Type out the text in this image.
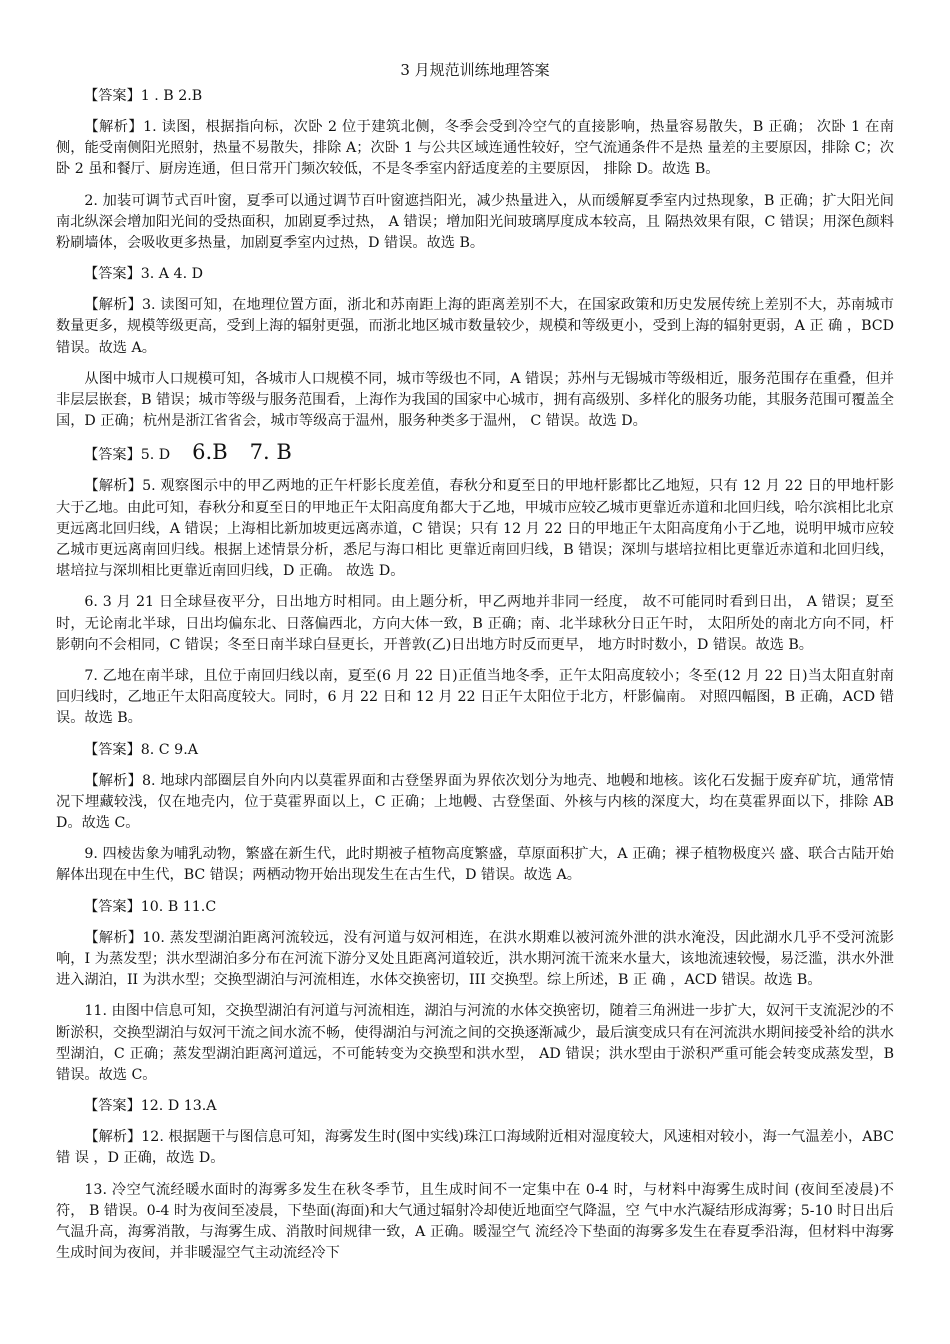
3 月规范训练地理答案
【答案】1 . B 2.B

【解析】1. 读图，根据指向标，次卧 2 位于建筑北侧，冬季会受到冷空气的直接影响，热量容易散失，B 正确； 次卧 1 在南侧，能受南侧阳光照射，热量不易散失，排除 A；次卧 1 与公共区域连通性较好，空气流通条件不是热 量差的主要原因，排除 C；次卧 2 虽和餐厅、厨房连通，但日常开门频次较低，不是冬季室内舒适度差的主要原因， 排除 D。故选 B。

2. 加装可调节式百叶窗，夏季可以通过调节百叶窗遮挡阳光，减少热量进入，从而缓解夏季室内过热现象，B 正确；扩大阳光间南北纵深会增加阳光间的受热面积，加剧夏季过热， A 错误；增加阳光间玻璃厚度成本较高，且 隔热效果有限，C 错误；用深色颜料粉刷墙体，会吸收更多热量，加剧夏季室内过热，D 错误。故选 B。

【答案】3. A 4. D

【解析】3. 读图可知，在地理位置方面，浙北和苏南距上海的距离差别不大，在国家政策和历史发展传统上差别不大，苏南城市数量更多，规模等级更高，受到上海的辐射更强，而浙北地区城市数量较少，规模和等级更小，受到上海的辐射更弱，A 正 确 ，BCD 错误。故选 A。

从图中城市人口规模可知，各城市人口规模不同，城市等级也不同，A 错误；苏州与无锡城市等级相近，服务范围存在重叠，但并非层层嵌套，B 错误；城市等级与服务范围看，上海作为我国的国家中心城市，拥有高级别、多样化的服务功能，其服务范围可覆盖全国，D 正确；杭州是浙江省省会，城市等级高于温州，服务种类多于温州， C 错误。故选 D。

【答案】5. D 6.B 7. B

【解析】5. 观察图示中的甲乙两地的正午杆影长度差值，春秋分和夏至日的甲地杆影都比乙地短，只有 12 月 22 日的甲地杆影大于乙地。由此可知，春秋分和夏至日的甲地正午太阳高度角都大于乙地，甲城市应较乙城市更靠近赤道和北回归线，哈尔滨相比北京更远离北回归线，A 错误；上海相比新加坡更远离赤道，C 错误；只有 12 月 22 日的甲地正午太阳高度角小于乙地，说明甲城市应较乙城市更远离南回归线。根据上述情景分析，悉尼与海口相比 更靠近南回归线，B 错误；深圳与堪培拉相比更靠近赤道和北回归线，堪培拉与深圳相比更靠近南回归线，D 正确。 故选 D。

6. 3 月 21 日全球昼夜平分，日出地方时相同。由上题分析，甲乙两地并非同一经度， 故不可能同时看到日出， A 错误；夏至时，无论南北半球，日出均偏东北、日落偏西北，方向大体一致，B 正确；南、北半球秋分日正午时， 太阳所处的南北方向不同，杆影朝向不会相同，C 错误；冬至日南半球白昼更长，开普敦(乙)日出地方时反而更早， 地方时时数小，D 错误。故选 B。

7. 乙地在南半球，且位于南回归线以南，夏至(6 月 22 日)正值当地冬季，正午太阳高度较小；冬至(12 月 22 日)当太阳直射南回归线时，乙地正午太阳高度较大。同时，6 月 22 日和 12 月 22 日正午太阳位于北方，杆影偏南。 对照四幅图，B 正确，ACD 错误。故选 B。

【答案】8. C 9.A

【解析】8. 地球内部圈层自外向内以莫霍界面和古登堡界面为界依次划分为地壳、地幔和地核。该化石发掘于废弃矿坑，通常情况下埋藏较浅，仅在地壳内，位于莫霍界面以上，C 正确；上地幔、古登堡面、外核与内核的深度大，均在莫霍界面以下，排除 ABD。故选 C。

9. 四棱齿象为哺乳动物，繁盛在新生代，此时期被子植物高度繁盛，草原面积扩大，A 正确；裸子植物极度兴 盛、联合古陆开始解体出现在中生代，BC 错误；两栖动物开始出现发生在古生代，D 错误。故选 A。

【答案】10. B 11.C

【解析】10. 蒸发型湖泊距离河流较远，没有河道与奴河相连，在洪水期难以被河流外泄的洪水淹没，因此湖水几乎不受河流影响，I 为蒸发型；洪水型湖泊多分布在河流下游分叉处且距离河道较近，洪水期河流干流来水量大，该地流速较慢，易泛滥，洪水外泄进入湖泊，II 为洪水型；交换型湖泊与河流相连，水体交换密切，III 交换型。综上所述，B 正 确 ，ACD 错误。故选 B。

11. 由图中信息可知，交换型湖泊有河道与河流相连，湖泊与河流的水体交换密切，随着三角洲进一步扩大，奴河干支流泥沙的不断淤积，交换型湖泊与奴河干流之间水流不畅，使得湖泊与河流之间的交换逐渐减少，最后演变成只有在河流洪水期间接受补给的洪水型湖泊，C 正确；蒸发型湖泊距离河道远，不可能转变为交换型和洪水型， AD 错误；洪水型由于淤积严重可能会转变成蒸发型，B 错误。故选 C。

【答案】12. D 13.A

【解析】12. 根据题干与图信息可知，海雾发生时(图中实线)珠江口海域附近相对湿度较大，风速相对较小，海一气温差小，ABC 错 误 ，D 正确，故选 D。

13. 冷空气流经暖水面时的海雾多发生在秋冬季节，且生成时间不一定集中在 0-4 时，与材料中海雾生成时间 (夜间至凌晨)不符， B 错误。0-4 时为夜间至凌晨，下垫面(海面)和大气通过辐射冷却使近地面空气降温，空 气中水汽凝结形成海雾；5-10 时日出后气温升高，海雾消散，与海雾生成、消散时间规律一致，A 正确。暖湿空气 流经冷下垫面的海雾多发生在春夏季沿海，但材料中海雾生成时间为夜间，并非暖湿空气主动流经冷下
